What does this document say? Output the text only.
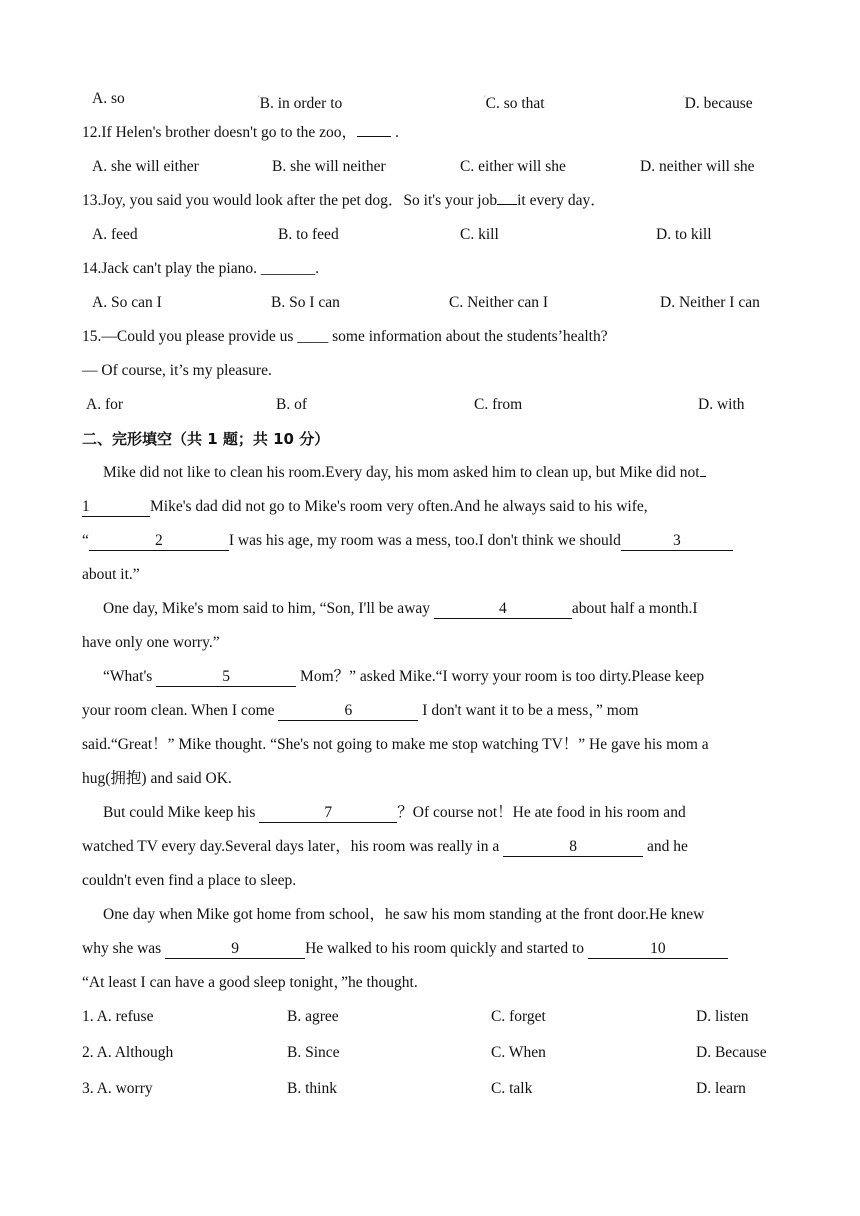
A. so	'B. in order to	'C. so that	'D. because
12.If Helen's brother doesn't go to the zoo， .
A. she will either	B. she will neither	C. either will she	D. neither will she
13.Joy, you said you would look after the pet dog．So it's your job it every day．
A. feed	B. to feed	C. kill	D. to kill
14.Jack can't play the piano. _______.
A. So can I	B. So I can	C. Neither can I	D. Neither I can
15.—Could you please provide us ____ some information about the students’health?
— Of course, it’s my pleasure.
A. for	B. of	C. from	D. with
二、完形填空（共 1 题；共 10 分）
Mike did not like to clean his room.Every day, his mom asked him to clean up, but Mike did not
1	Mike's dad did not go to Mike's room very often.And he always said to his wife,
“	2	I was his age, my room was a mess, too.I don't think we should	3
about it.”
One day, Mike's mom said to him, “Son, I'll be away	4	about half a month.I
have only one worry.”
“What's	5	Mom？” asked Mike.“I worry your room is too dirty.Please keep
your room clean. When I come	6	I don't want it to be a mess，” mom
said.“Great！” Mike thought. “She's not going to make me stop watching TV！” He gave his mom a
hug(拥抱) and said OK.
But could Mike keep his	7	？Of course not！He ate food in his room and
watched TV every day.Several days later，his room was really in a	8	and he
couldn't even find a place to sleep.
One day when Mike got home from school，he saw his mom standing at the front door.He knew
why she was	9	He walked to his room quickly and started to	10
“At least I can have a good sleep tonight，”he thought.
1. A. refuse	B. agree	C. forget	D. listen
2. A. Although	B. Since	C. When	D. Because
3. A. worry	B. think	C. talk	D. learn
